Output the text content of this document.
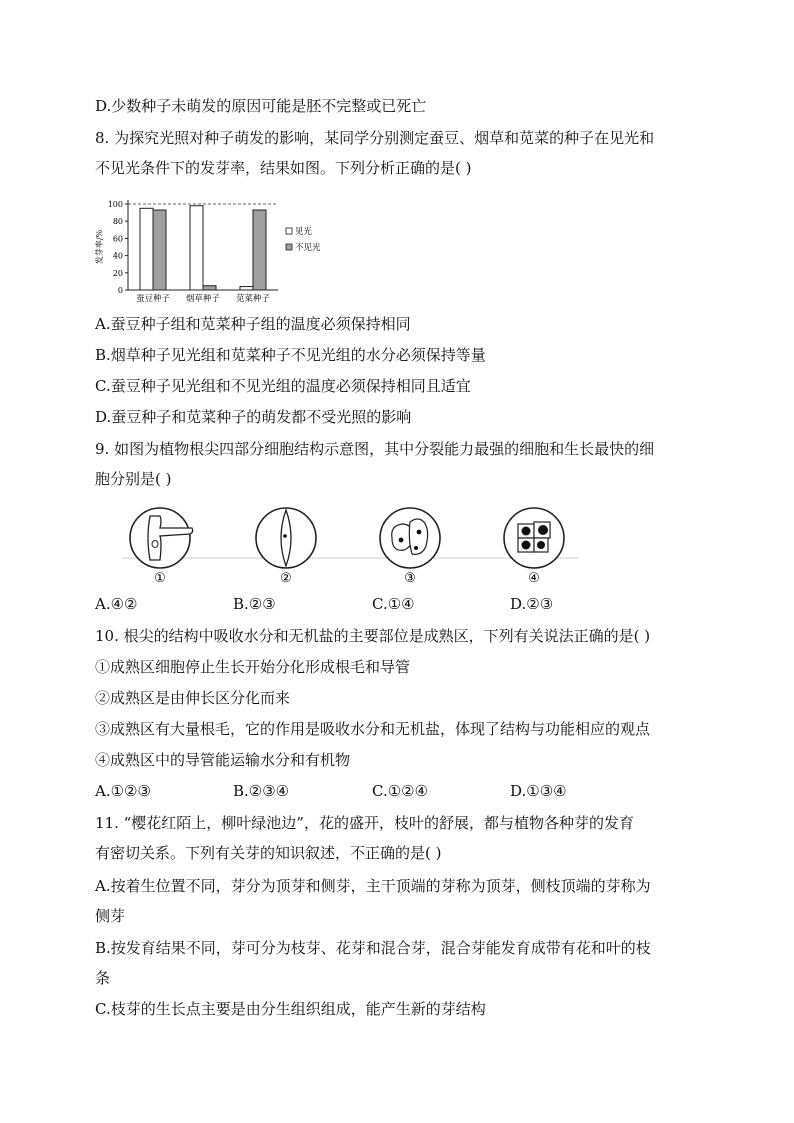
D.少数种子未萌发的原因可能是胚不完整或已死亡
8. 为探究光照对种子萌发的影响，某同学分别测定蚕豆、烟草和苋菜的种子在见光和
不见光条件下的发芽率，结果如图。下列分析正确的是( )
0
20
40
60
80
100
发芽率/%
蚕豆种子 烟草种子 苋菜种子
见光
不见光
A.蚕豆种子组和苋菜种子组的温度必须保持相同
B.烟草种子见光组和苋菜种子不见光组的水分必须保持等量
C.蚕豆种子见光组和不见光组的温度必须保持相同且适宜
D.蚕豆种子和苋菜种子的萌发都不受光照的影响
9. 如图为植物根尖四部分细胞结构示意图，其中分裂能力最强的细胞和生长最快的细
胞分别是( )
①	②	③	④
A.④②	B.②③	C.①④	D.②③
10. 根尖的结构中吸收水分和无机盐的主要部位是成熟区，下列有关说法正确的是( )
①成熟区细胞停止生长开始分化形成根毛和导管
②成熟区是由伸长区分化而来
③成熟区有大量根毛，它的作用是吸收水分和无机盐，体现了结构与功能相应的观点
④成熟区中的导管能运输水分和有机物
A.①②③	B.②③④	C.①②④	D.①③④
11. “樱花红陌上，柳叶绿池边”，花的盛开，枝叶的舒展，都与植物各种芽的发育
有密切关系。下列有关芽的知识叙述，不正确的是( )
A.按着生位置不同，芽分为顶芽和侧芽，主干顶端的芽称为顶芽，侧枝顶端的芽称为
侧芽
B.按发育结果不同，芽可分为枝芽、花芽和混合芽，混合芽能发育成带有花和叶的枝
条
C.枝芽的生长点主要是由分生组织组成，能产生新的芽结构
